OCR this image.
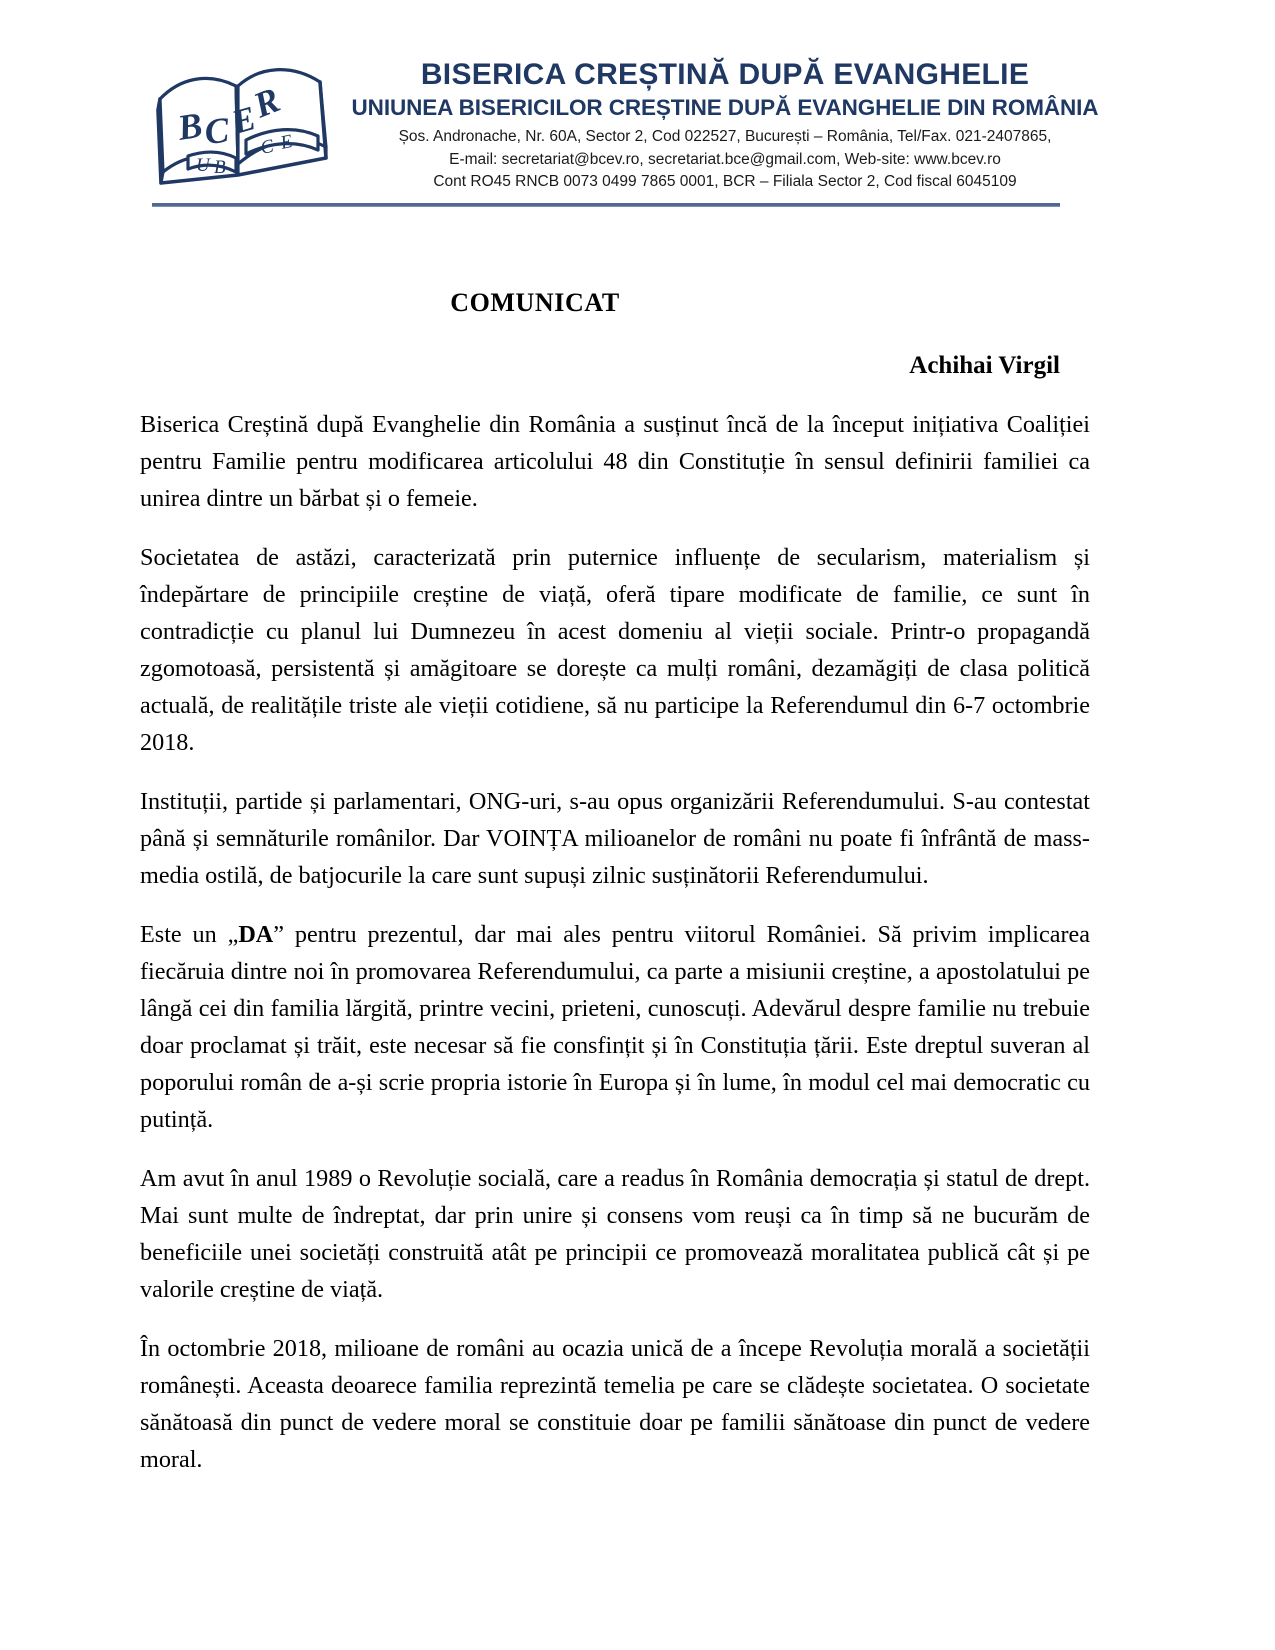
B
C
E
R
U B
C E
BISERICA CREȘTINĂ DUPĂ EVANGHELIE
UNIUNEA BISERICILOR CREȘTINE DUPĂ EVANGHELIE DIN ROMÂNIA
Șos. Andronache, Nr. 60A, Sector 2, Cod 022527, București – România, Tel/Fax. 021-2407865,
E-mail: secretariat@bcev.ro, secretariat.bce@gmail.com, Web-site: www.bcev.ro
Cont RO45 RNCB 0073 0499 7865 0001, BCR – Filiala Sector 2, Cod fiscal 6045109
COMUNICAT
Achihai Virgil

Biserica Creștină după Evanghelie din România a susținut încă de la început inițiativa Coaliției pentru Familie pentru modificarea articolului 48 din Constituție în sensul definirii familiei ca unirea dintre un bărbat și o femeie.

Societatea de astăzi, caracterizată prin puternice influențe de secularism, materialism și îndepărtare de principiile creștine de viață, oferă tipare modificate de familie, ce sunt în contradicție cu planul lui Dumnezeu în acest domeniu al vieții sociale. Printr-o propagandă zgomotoasă, persistentă și amăgitoare se dorește ca mulți români, dezamăgiți de clasa politică actuală, de realitățile triste ale vieții cotidiene, să nu participe la Referendumul din 6-7 octombrie 2018.

Instituții, partide și parlamentari, ONG-uri, s-au opus organizării Referendumului. S-au contestat până și semnăturile românilor. Dar VOINȚA milioanelor de români nu poate fi înfrântă de mass-media ostilă, de batjocurile la care sunt supuși zilnic susținătorii Referendumului.

Este un „DA” pentru prezentul, dar mai ales pentru viitorul României. Să privim implicarea fiecăruia dintre noi în promovarea Referendumului, ca parte a misiunii creștine, a apostolatului pe lângă cei din familia lărgită, printre vecini, prieteni, cunoscuți. Adevărul despre familie nu trebuie doar proclamat și trăit, este necesar să fie consfințit și în Constituția țării. Este dreptul suveran al poporului român de a-și scrie propria istorie în Europa și în lume, în modul cel mai democratic cu putință.

Am avut în anul 1989 o Revoluție socială, care a readus în România democrația și statul de drept. Mai sunt multe de îndreptat, dar prin unire și consens vom reuși ca în timp să ne bucurăm de beneficiile unei societăți construită atât pe principii ce promovează moralitatea publică cât și pe valorile creștine de viață.

În octombrie 2018, milioane de români au ocazia unică de a începe Revoluția morală a societății românești. Aceasta deoarece familia reprezintă temelia pe care se clădește societatea. O societate sănătoasă din punct de vedere moral se constituie doar pe familii sănătoase din punct de vedere moral.
